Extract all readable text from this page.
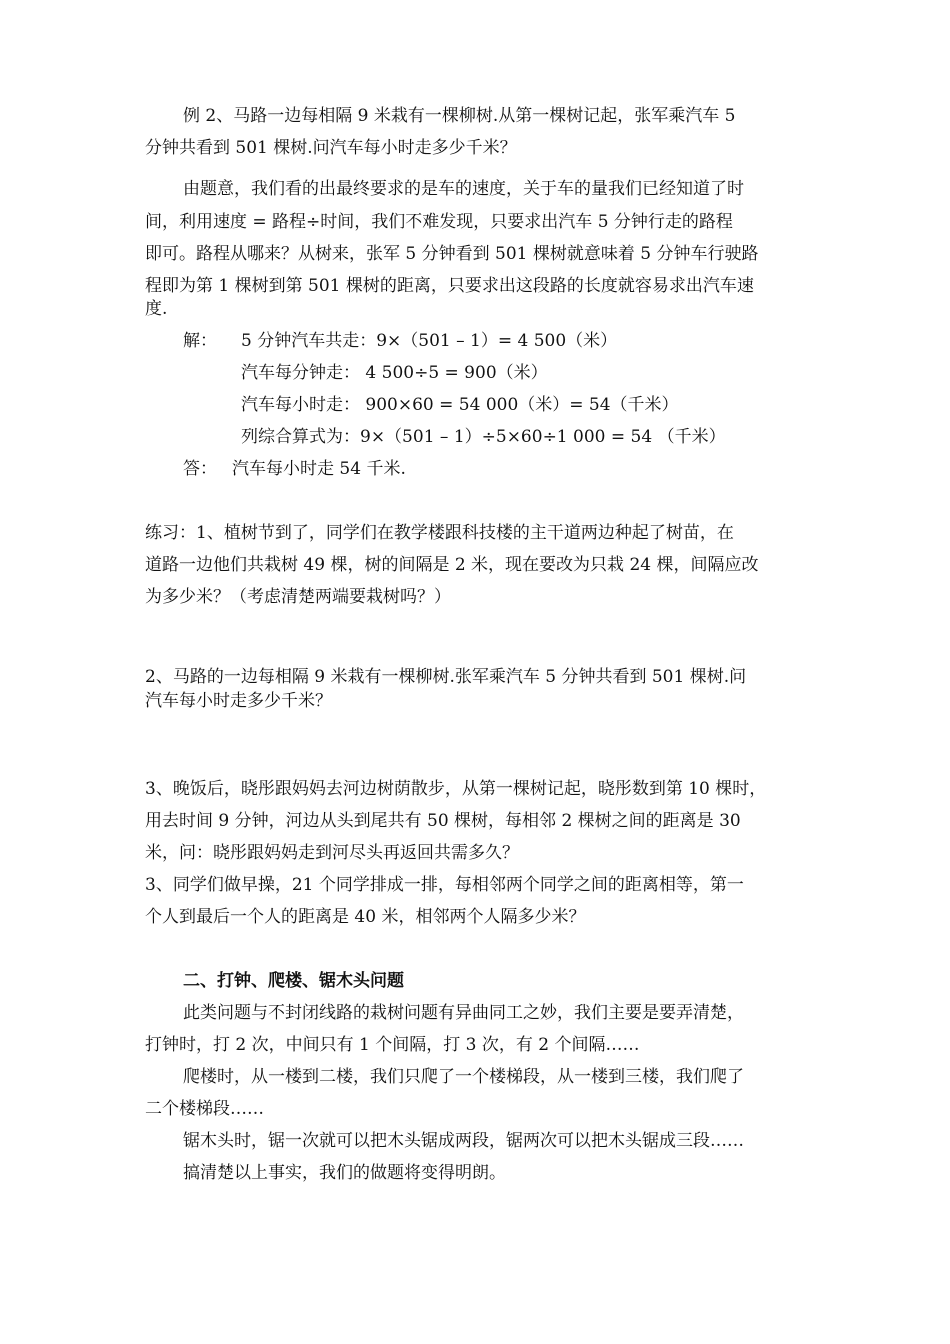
例 2、马路一边每相隔 9 米栽有一棵柳树.从第一棵树记起，张军乘汽车 5
分钟共看到 501 棵树.问汽车每小时走多少千米？
由题意，我们看的出最终要求的是车的速度，关于车的量我们已经知道了时
间，利用速度 = 路程÷时间，我们不难发现，只要求出汽车 5 分钟行走的路程
即可。路程从哪来？从树来，张军 5 分钟看到 501 棵树就意味着 5 分钟车行驶路
程即为第 1 棵树到第 501 棵树的距离，只要求出这段路的长度就容易求出汽车速
度.
解： 5 分钟汽车共走：9×（501 – 1）= 4 500（米）
汽车每分钟走： 4 500÷5 = 900（米）
汽车每小时走： 900×60 = 54 000（米）= 54（千米）
列综合算式为：9×（501 – 1）÷5×60÷1 000 = 54 （千米）
答： 汽车每小时走 54 千米.
练习：1、植树节到了，同学们在教学楼跟科技楼的主干道两边种起了树苗，在
道路一边他们共栽树 49 棵，树的间隔是 2 米，现在要改为只栽 24 棵，间隔应改
为多少米？（考虑清楚两端要栽树吗？）
2、马路的一边每相隔 9 米栽有一棵柳树.张军乘汽车 5 分钟共看到 501 棵树.问
汽车每小时走多少千米？
3、晚饭后，晓彤跟妈妈去河边树荫散步，从第一棵树记起，晓彤数到第 10 棵时，
用去时间 9 分钟，河边从头到尾共有 50 棵树，每相邻 2 棵树之间的距离是 30
米，问：晓彤跟妈妈走到河尽头再返回共需多久？
3、同学们做早操，21 个同学排成一排，每相邻两个同学之间的距离相等，第一
个人到最后一个人的距离是 40 米，相邻两个人隔多少米？
二、打钟、爬楼、锯木头问题
此类问题与不封闭线路的栽树问题有异曲同工之妙，我们主要是要弄清楚，
打钟时，打 2 次，中间只有 1 个间隔，打 3 次，有 2 个间隔……
爬楼时，从一楼到二楼，我们只爬了一个楼梯段，从一楼到三楼，我们爬了
二个楼梯段……
锯木头时，锯一次就可以把木头锯成两段，锯两次可以把木头锯成三段……
搞清楚以上事实，我们的做题将变得明朗。
